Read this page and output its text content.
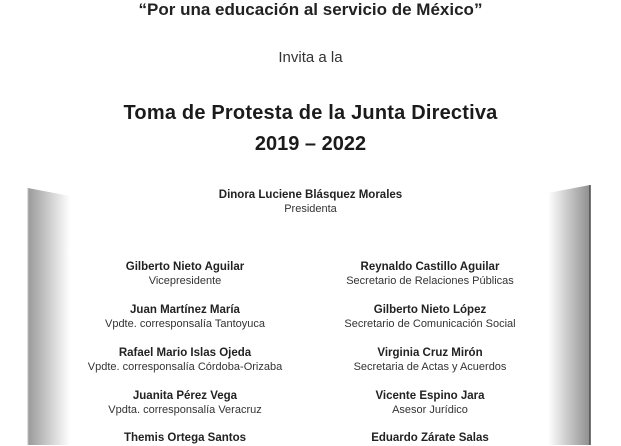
“Por una educación al servicio de México”
Invita a la
Toma de Protesta de la Junta Directiva
2019 – 2022
Dinora Luciene Blásquez Morales
Presidenta
Gilberto Nieto Aguilar
Vicepresidente
Juan Martínez María
Vpdte. corresponsalía Tantoyuca
Rafael Mario Islas Ojeda
Vpdte. corresponsalía Córdoba-Orizaba
Juanita Pérez Vega
Vpdta. corresponsalía Veracruz
Themis Ortega Santos
Reynaldo Castillo Aguilar
Secretario de Relaciones Públicas
Gilberto Nieto López
Secretario de Comunicación Social
Virginia Cruz Mirón
Secretaria de Actas y Acuerdos
Vicente Espino Jara
Asesor Jurídico
Eduardo Zárate Salas
